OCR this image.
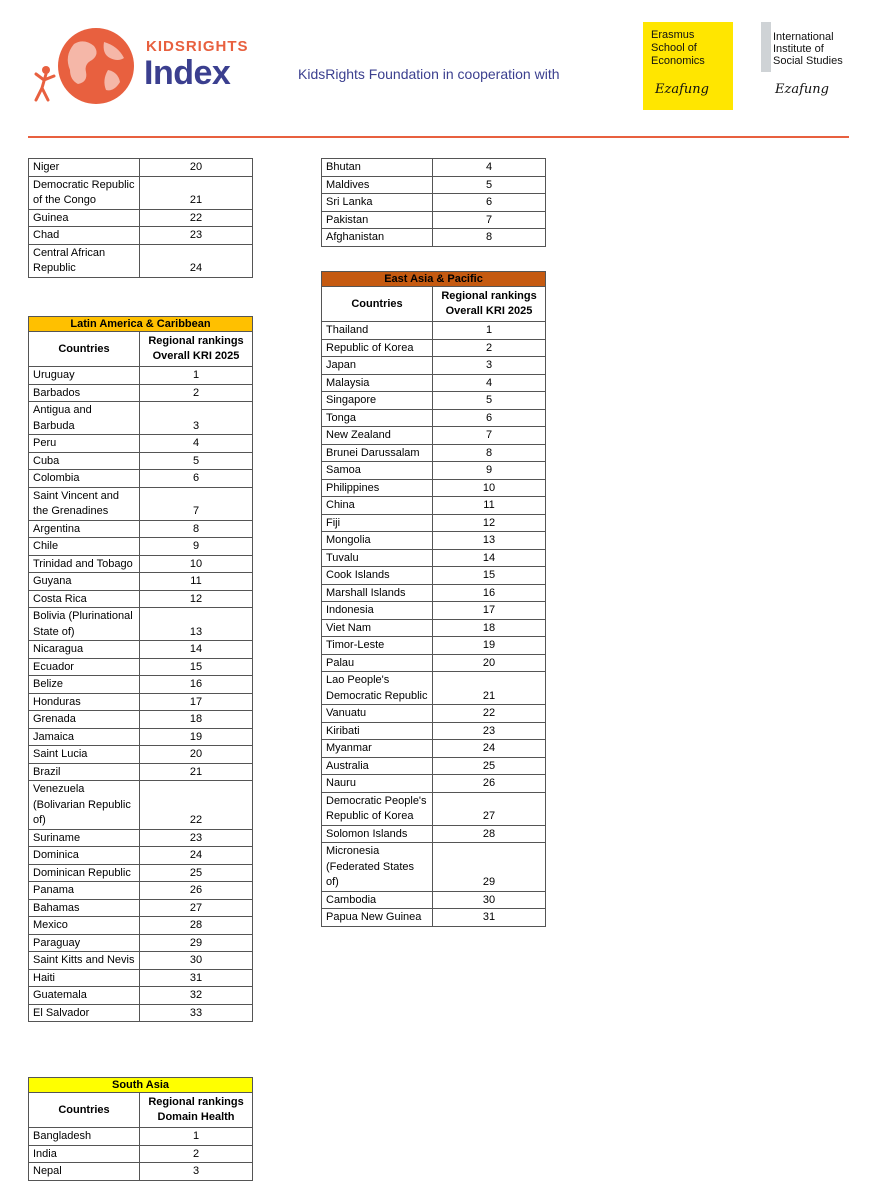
KIDSRIGHTS
Index	KidsRights Foundation in cooperation with
Erasmus
School of
Economics
Ezafung
International
Institute of
Social Studies
Ezafung
Niger	20
Democratic Republic of the Congo	21
Guinea	22
Chad	23
Central African Republic	24
Latin America & Caribbean	
Countries	Regional rankings Overall KRI 2025
Uruguay	1
Barbados	2
Antigua and Barbuda	3
Peru	4
Cuba	5
Colombia	6
Saint Vincent and the Grenadines	7
Argentina	8
Chile	9
Trinidad and Tobago	10
Guyana	11
Costa Rica	12
Bolivia (Plurinational State of)	13
Nicaragua	14
Ecuador	15
Belize	16
Honduras	17
Grenada	18
Jamaica	19
Saint Lucia	20
Brazil	21
Venezuela (Bolivarian Republic of)	22
Suriname	23
Dominica	24
Dominican Republic	25
Panama	26
Bahamas	27
Mexico	28
Paraguay	29
Saint Kitts and Nevis	30
Haiti	31
Guatemala	32
El Salvador	33
South Asia	
Countries	Regional rankings Domain Health
Bangladesh	1
India	2
Nepal	3
Bhutan	4
Maldives	5
Sri Lanka	6
Pakistan	7
Afghanistan	8
East Asia & Pacific	
Countries	Regional rankings Overall KRI 2025
Thailand	1
Republic of Korea	2
Japan	3
Malaysia	4
Singapore	5
Tonga	6
New Zealand	7
Brunei Darussalam	8
Samoa	9
Philippines	10
China	11
Fiji	12
Mongolia	13
Tuvalu	14
Cook Islands	15
Marshall Islands	16
Indonesia	17
Viet Nam	18
Timor-Leste	19
Palau	20
Lao People's Democratic Republic	21
Vanuatu	22
Kiribati	23
Myanmar	24
Australia	25
Nauru	26
Democratic People's Republic of Korea	27
Solomon Islands	28
Micronesia (Federated States of)	29
Cambodia	30
Papua New Guinea	31
